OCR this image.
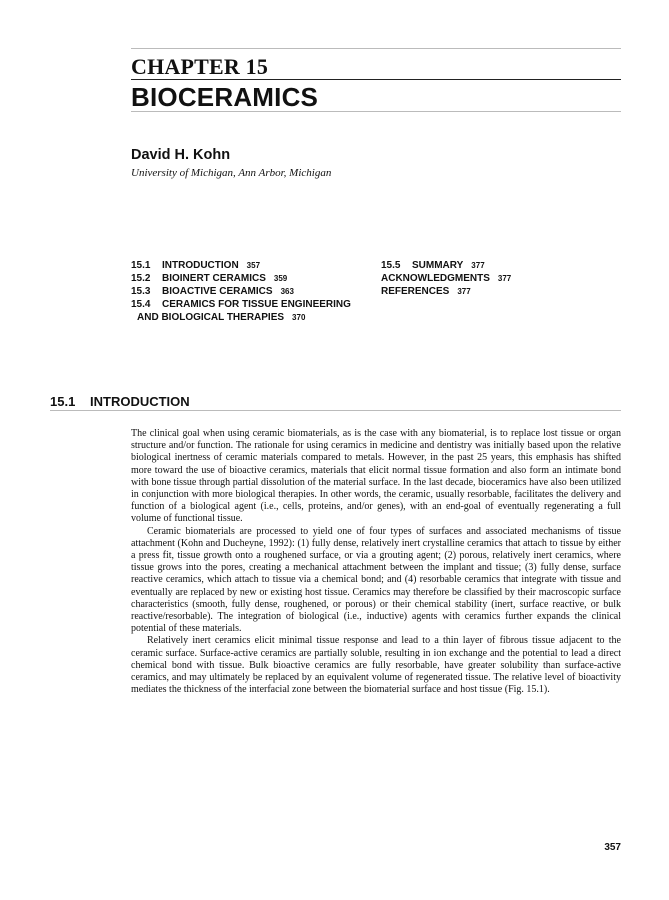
CHAPTER 15
BIOCERAMICS
David H. Kohn
University of Michigan, Ann Arbor, Michigan
15.1 INTRODUCTION 357
15.2 BIOINERT CERAMICS 359
15.3 BIOACTIVE CERAMICS 363
15.4 CERAMICS FOR TISSUE ENGINEERING
AND BIOLOGICAL THERAPIES 370
15.5 SUMMARY 377
ACKNOWLEDGMENTS 377
REFERENCES 377
15.1 INTRODUCTION

The clinical goal when using ceramic biomaterials, as is the case with any biomaterial, is to replace lost tissue or organ structure and/or function. The rationale for using ceramics in medicine and dentistry was initially based upon the relative biological inertness of ceramic materials compared to metals. However, in the past 25 years, this emphasis has shifted more toward the use of bioactive ceramics, materials that elicit normal tissue formation and also form an intimate bond with bone tissue through partial dissolution of the material surface. In the last decade, bioceramics have also been utilized in conjunction with more biological therapies. In other words, the ceramic, usually resorbable, facilitates the delivery and function of a biological agent (i.e., cells, proteins, and/or genes), with an end-goal of eventually regenerating a full volume of functional tissue.

Ceramic biomaterials are processed to yield one of four types of surfaces and associated mechanisms of tissue attachment (Kohn and Ducheyne, 1992): (1) fully dense, relatively inert crystalline ceramics that attach to tissue by either a press fit, tissue growth onto a roughened surface, or via a grouting agent; (2) porous, relatively inert ceramics, where tissue grows into the pores, creating a mechanical attachment between the implant and tissue; (3) fully dense, surface reactive ceramics, which attach to tissue via a chemical bond; and (4) resorbable ceramics that integrate with tissue and eventually are replaced by new or existing host tissue. Ceramics may therefore be classified by their macroscopic surface characteristics (smooth, fully dense, roughened, or porous) or their chemical stability (inert, surface reactive, or bulk reactive/resorbable). The integration of biological (i.e., inductive) agents with ceramics further expands the clinical potential of these materials.

Relatively inert ceramics elicit minimal tissue response and lead to a thin layer of fibrous tissue adjacent to the ceramic surface. Surface-active ceramics are partially soluble, resulting in ion exchange and the potential to lead a direct chemical bond with tissue. Bulk bioactive ceramics are fully resorbable, have greater solubility than surface-active ceramics, and may ultimately be replaced by an equivalent volume of regenerated tissue. The relative level of bioactivity mediates the thickness of the interfacial zone between the biomaterial surface and host tissue (Fig. 15.1).

357
